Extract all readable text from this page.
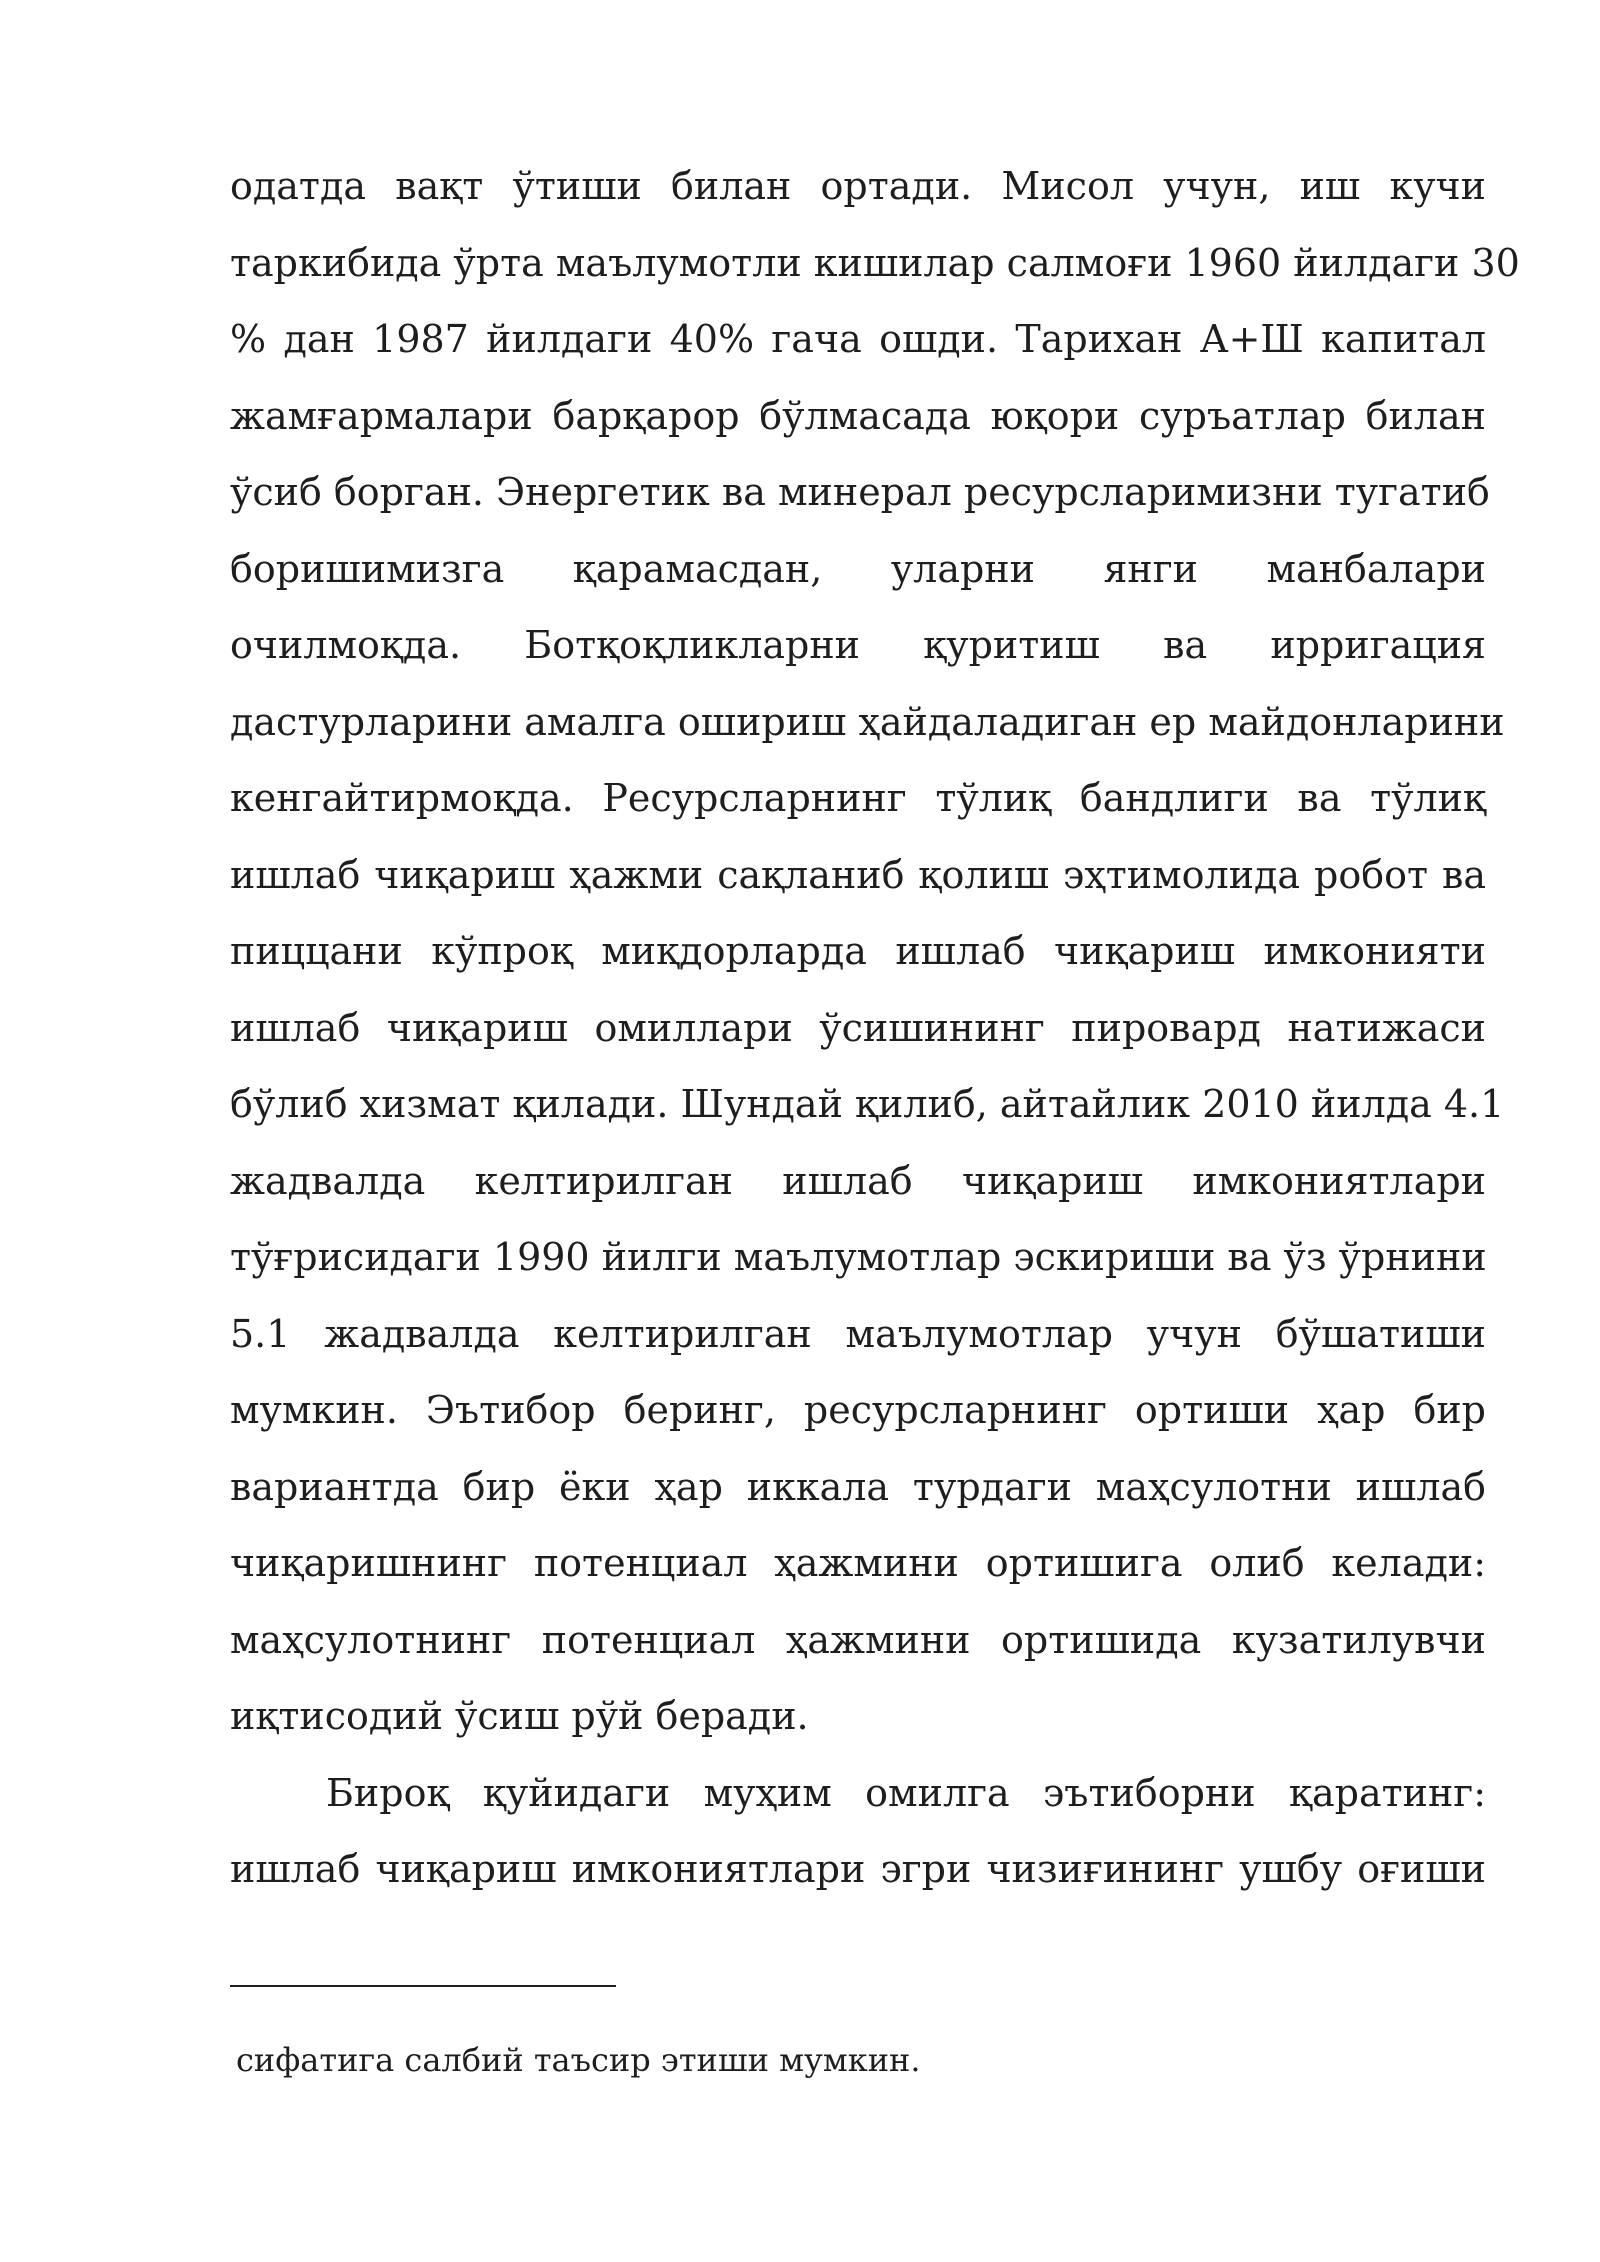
одатда вақт ўтиши билан ортади. Мисол учун, иш кучи
таркибида ўрта маълумотли кишилар салмоғи 1960 йилдаги 30
% дан 1987 йилдаги 40% гача ошди. Тарихан А+Ш капитал
жамғармалари барқарор бўлмасада юқори суръатлар билан
ўсиб борган. Энергетик ва минерал ресурсларимизни тугатиб
боришимизга қарамасдан, уларни янги манбалари
очилмоқда. Ботқоқликларни қуритиш ва ирригация
дастурларини амалга ошириш ҳайдаладиган ер майдонларини
кенгайтирмоқда. Ресурсларнинг тўлиқ бандлиги ва тўлиқ
ишлаб чиқариш ҳажми сақланиб қолиш эҳтимолида робот ва
пиццани кўпроқ миқдорларда ишлаб чиқариш имконияти
ишлаб чиқариш омиллари ўсишининг пировард натижаси
бўлиб хизмат қилади. Шундай қилиб, айтайлик 2010 йилда 4.1
жадвалда келтирилган ишлаб чиқариш имкониятлари
тўғрисидаги 1990 йилги маълумотлар эскириши ва ўз ўрнини
5.1 жадвалда келтирилган маълумотлар учун бўшатиши
мумкин. Эътибор беринг, ресурсларнинг ортиши ҳар бир
вариантда бир ёки ҳар иккала турдаги маҳсулотни ишлаб
чиқаришнинг потенциал ҳажмини ортишига олиб келади:
маҳсулотнинг потенциал ҳажмини ортишида кузатилувчи
иқтисодий ўсиш рўй беради.

Бироқ қуйидаги муҳим омилга эътиборни қаратинг:
ишлаб чиқариш имкониятлари эгри чизиғининг ушбу оғиши

сифатига салбий таъсир этиши мумкин.
